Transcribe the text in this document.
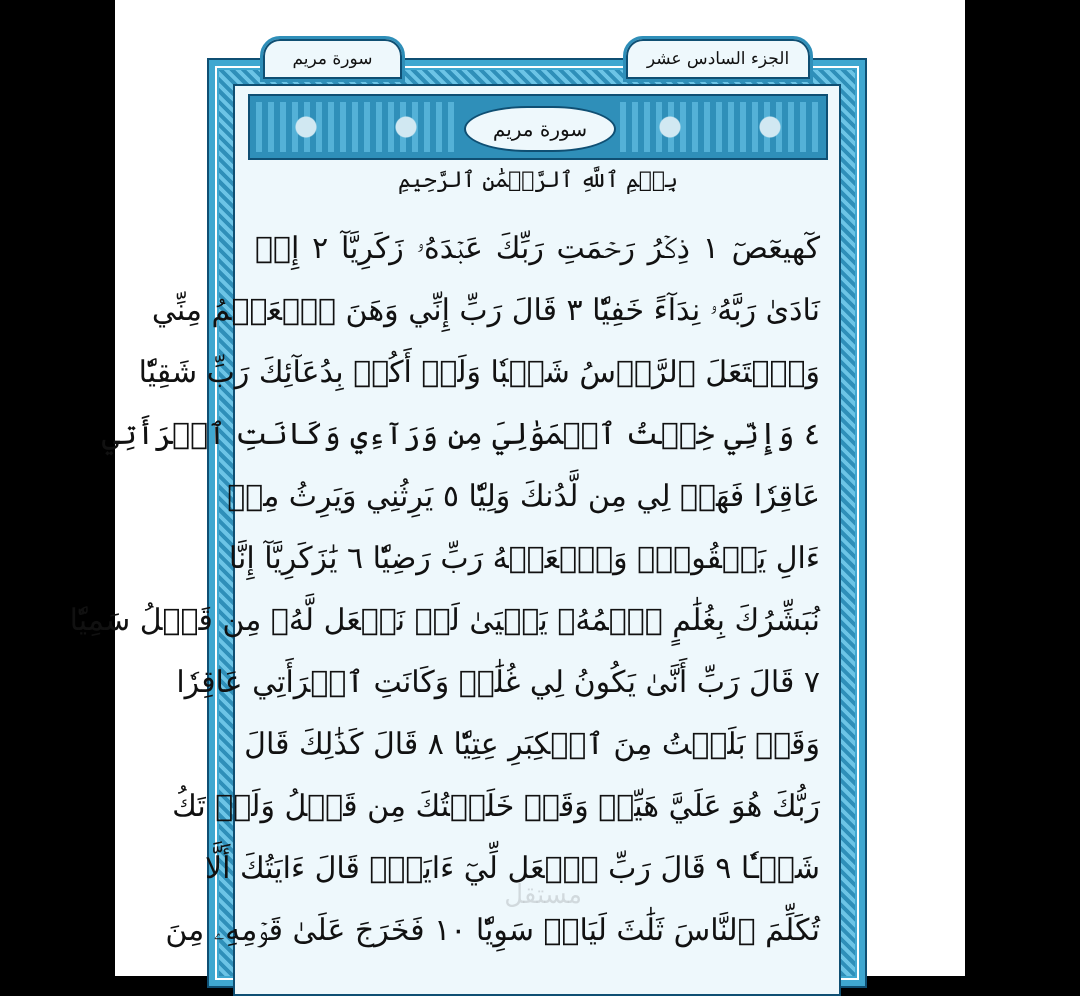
الجزء السادس عشر
سورة مريم
سورة مريم
بِسۡمِ ٱللَّهِ ٱلرَّحۡمَٰنِ ٱلرَّحِيمِ
كٓهيعٓصٓ ١ ذِكۡرُ رَحۡمَتِ رَبِّكَ عَبۡدَهُۥ زَكَرِيَّآ ٢ إِذۡ
نَادَىٰ رَبَّهُۥ نِدَآءً خَفِيّٗا ٣ قَالَ رَبِّ إِنِّي وَهَنَ ٱلۡعَظۡمُ مِنِّي
وَٱشۡتَعَلَ ٱلرَّأۡسُ شَيۡبٗا وَلَمۡ أَكُنۢ بِدُعَآئِكَ رَبِّ شَقِيّٗا
٤ وَإِنِّي خِفۡتُ ٱلۡمَوَٰلِيَ مِن وَرَآءِي وَكَانَتِ ٱمۡرَأَتِي
عَاقِرٗا فَهَبۡ لِي مِن لَّدُنكَ وَلِيّٗا ٥ يَرِثُنِي وَيَرِثُ مِنۡ
ءَالِ يَعۡقُوبَۖ وَٱجۡعَلۡهُ رَبِّ رَضِيّٗا ٦ يَٰزَكَرِيَّآ إِنَّا
نُبَشِّرُكَ بِغُلَٰمٍ ٱسۡمُهُۥ يَحۡيَىٰ لَمۡ نَجۡعَل لَّهُۥ مِن قَبۡلُ سَمِيّٗا
٧ قَالَ رَبِّ أَنَّىٰ يَكُونُ لِي غُلَٰمٞ وَكَانَتِ ٱمۡرَأَتِي عَاقِرٗا
وَقَدۡ بَلَغۡتُ مِنَ ٱلۡكِبَرِ عِتِيّٗا ٨ قَالَ كَذَٰلِكَ قَالَ
رَبُّكَ هُوَ عَلَيَّ هَيِّنٞ وَقَدۡ خَلَقۡتُكَ مِن قَبۡلُ وَلَمۡ تَكُ
شَيۡـٔٗا ٩ قَالَ رَبِّ ٱجۡعَل لِّيٓ ءَايَةٗۖ قَالَ ءَايَتُكَ أَلَّا
تُكَلِّمَ ٱلنَّاسَ ثَلَٰثَ لَيَالٖ سَوِيّٗا ١٠ فَخَرَجَ عَلَىٰ قَوۡمِهِۦ مِنَ
مستقل
